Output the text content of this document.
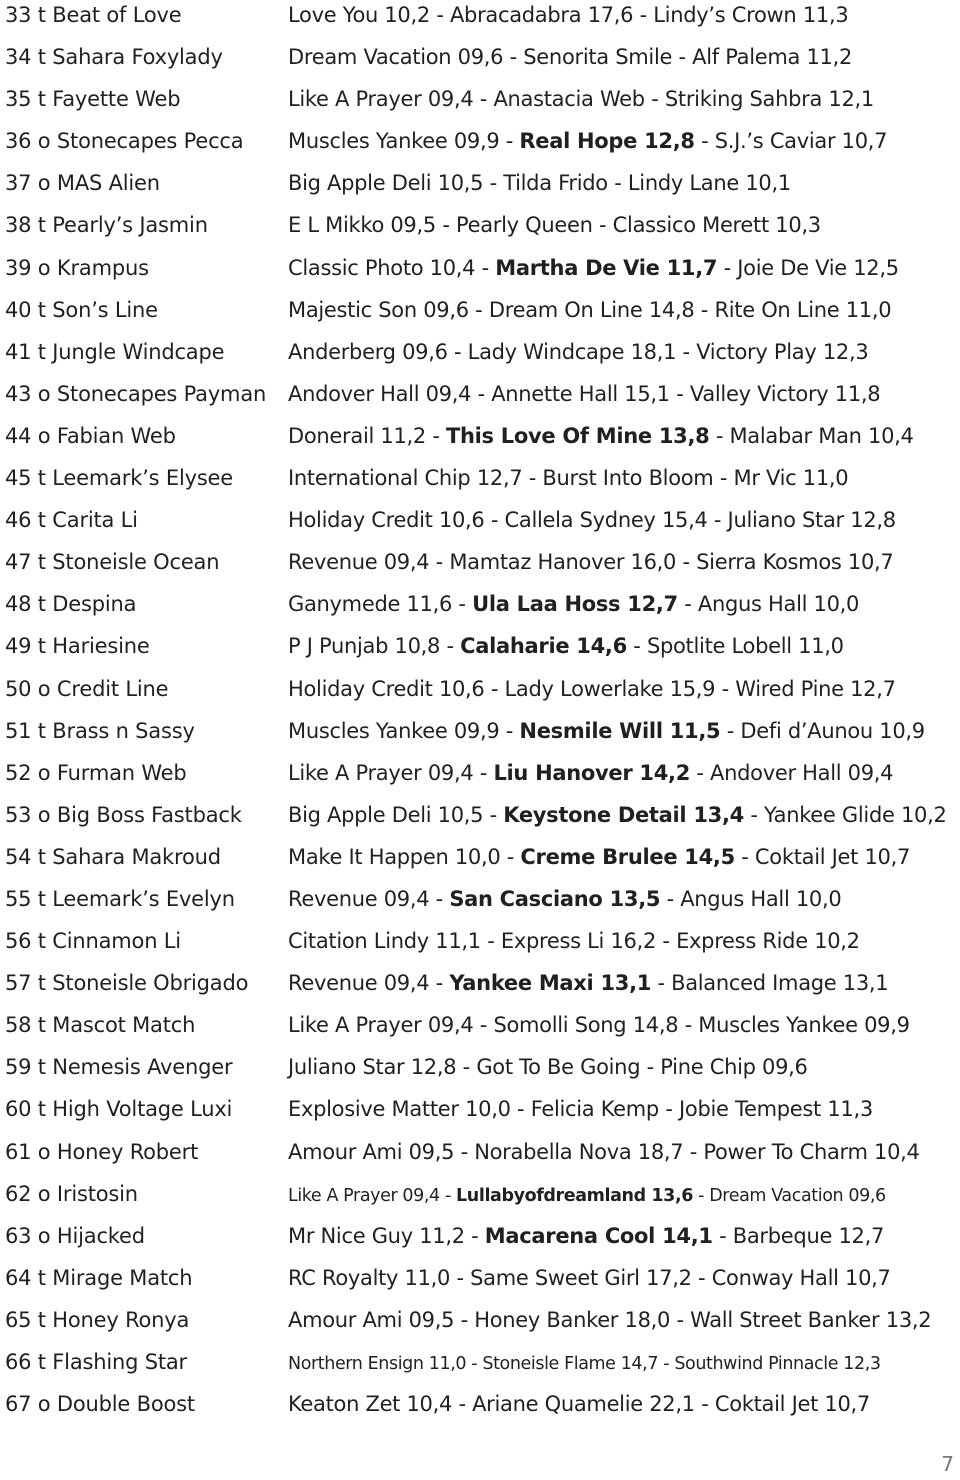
33 t Beat of Love	Love You 10,2 - Abracadabra 17,6 - Lindy’s Crown 11,3
34 t Sahara Foxylady	Dream Vacation 09,6 - Senorita Smile - Alf Palema 11,2
35 t Fayette Web	Like A Prayer 09,4 - Anastacia Web - Striking Sahbra 12,1
36 o Stonecapes Pecca	Muscles Yankee 09,9 - Real Hope 12,8 - S.J.’s Caviar 10,7
37 o MAS Alien	Big Apple Deli 10,5 - Tilda Frido - Lindy Lane 10,1
38 t Pearly’s Jasmin	E L Mikko 09,5 - Pearly Queen - Classico Merett 10,3
39 o Krampus	Classic Photo 10,4 - Martha De Vie 11,7 - Joie De Vie 12,5
40 t Son’s Line	Majestic Son 09,6 - Dream On Line 14,8 - Rite On Line 11,0
41 t Jungle Windcape	Anderberg 09,6 - Lady Windcape 18,1 - Victory Play 12,3
43 o Stonecapes Payman	Andover Hall 09,4 - Annette Hall 15,1 - Valley Victory 11,8
44 o Fabian Web	Donerail 11,2 - This Love Of Mine 13,8 - Malabar Man 10,4
45 t Leemark’s Elysee	International Chip 12,7 - Burst Into Bloom - Mr Vic 11,0
46 t Carita Li	Holiday Credit 10,6 - Callela Sydney 15,4 - Juliano Star 12,8
47 t Stoneisle Ocean	Revenue 09,4 - Mamtaz Hanover 16,0 - Sierra Kosmos 10,7
48 t Despina	Ganymede 11,6 - Ula Laa Hoss 12,7 - Angus Hall 10,0
49 t Hariesine	P J Punjab 10,8 - Calaharie 14,6 - Spotlite Lobell 11,0
50 o Credit Line	Holiday Credit 10,6 - Lady Lowerlake 15,9 - Wired Pine 12,7
51 t Brass n Sassy	Muscles Yankee 09,9 - Nesmile Will 11,5 - Defi d’Aunou 10,9
52 o Furman Web	Like A Prayer 09,4 - Liu Hanover 14,2 - Andover Hall 09,4
53 o Big Boss Fastback	Big Apple Deli 10,5 - Keystone Detail 13,4 - Yankee Glide 10,2
54 t Sahara Makroud	Make It Happen 10,0 - Creme Brulee 14,5 - Coktail Jet 10,7
55 t Leemark’s Evelyn	Revenue 09,4 - San Casciano 13,5 - Angus Hall 10,0
56 t Cinnamon Li	Citation Lindy 11,1 - Express Li 16,2 - Express Ride 10,2
57 t Stoneisle Obrigado	Revenue 09,4 - Yankee Maxi 13,1 - Balanced Image 13,1
58 t Mascot Match	Like A Prayer 09,4 - Somolli Song 14,8 - Muscles Yankee 09,9
59 t Nemesis Avenger	Juliano Star 12,8 - Got To Be Going - Pine Chip 09,6
60 t High Voltage Luxi	Explosive Matter 10,0 - Felicia Kemp - Jobie Tempest 11,3
61 o Honey Robert	Amour Ami 09,5 - Norabella Nova 18,7 - Power To Charm 10,4
62 o Iristosin	Like A Prayer 09,4 - Lullabyofdreamland 13,6 - Dream Vacation 09,6
63 o Hijacked	Mr Nice Guy 11,2 - Macarena Cool 14,1 - Barbeque 12,7
64 t Mirage Match	RC Royalty 11,0 - Same Sweet Girl 17,2 - Conway Hall 10,7
65 t Honey Ronya	Amour Ami 09,5 - Honey Banker 18,0 - Wall Street Banker 13,2
66 t Flashing Star	Northern Ensign 11,0 - Stoneisle Flame 14,7 - Southwind Pinnacle 12,3
67 o Double Boost	Keaton Zet 10,4 - Ariane Quamelie 22,1 - Coktail Jet 10,7
7
